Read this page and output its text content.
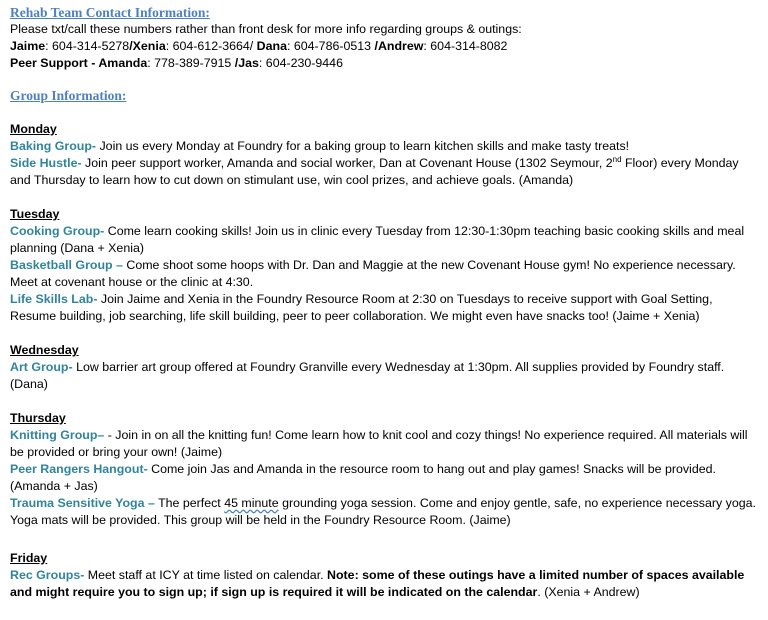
Rehab Team Contact Information:
Please txt/call these numbers rather than front desk for more info regarding groups & outings:
Jaime: 604-314-5278/Xenia: 604-612-3664/ Dana: 604-786-0513 /Andrew: 604-314-8082
Peer Support - Amanda: 778-389-7915 /Jas: 604-230-9446
Group Information:
Monday
Baking Group- Join us every Monday at Foundry for a baking group to learn kitchen skills and make tasty treats!
Side Hustle- Join peer support worker, Amanda and social worker, Dan at Covenant House (1302 Seymour, 2nd Floor) every Monday and Thursday to learn how to cut down on stimulant use, win cool prizes, and achieve goals. (Amanda)
Tuesday
Cooking Group- Come learn cooking skills! Join us in clinic every Tuesday from 12:30-1:30pm teaching basic cooking skills and meal planning (Dana + Xenia)
Basketball Group – Come shoot some hoops with Dr. Dan and Maggie at the new Covenant House gym! No experience necessary. Meet at covenant house or the clinic at 4:30.
Life Skills Lab- Join Jaime and Xenia in the Foundry Resource Room at 2:30 on Tuesdays to receive support with Goal Setting, Resume building, job searching, life skill building, peer to peer collaboration. We might even have snacks too! (Jaime + Xenia)
Wednesday
Art Group- Low barrier art group offered at Foundry Granville every Wednesday at 1:30pm. All supplies provided by Foundry staff. (Dana)
Thursday
Knitting Group– - Join in on all the knitting fun! Come learn how to knit cool and cozy things! No experience required. All materials will be provided or bring your own! (Jaime)
Peer Rangers Hangout- Come join Jas and Amanda in the resource room to hang out and play games! Snacks will be provided. (Amanda + Jas)
Trauma Sensitive Yoga – The perfect 45 minute grounding yoga session. Come and enjoy gentle, safe, no experience necessary yoga. Yoga mats will be provided. This group will be held in the Foundry Resource Room. (Jaime)
Friday
Rec Groups- Meet staff at ICY at time listed on calendar. Note: some of these outings have a limited number of spaces available and might require you to sign up; if sign up is required it will be indicated on the calendar. (Xenia + Andrew)
